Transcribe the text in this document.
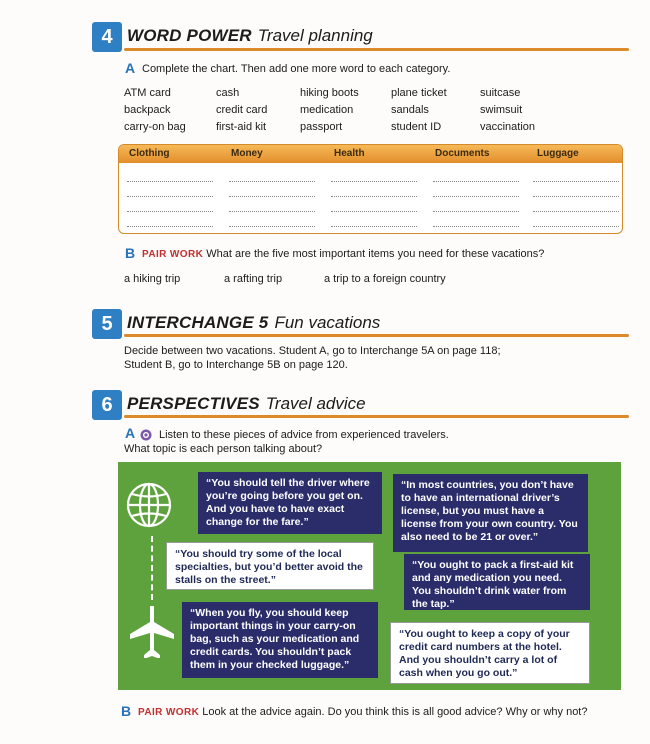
4 WORD POWER Travel planning
A Complete the chart. Then add one more word to each category.
ATM card	cash	hiking boots	plane ticket	suitcase
backpack	credit card	medication	sandals	swimsuit
carry-on bag	first-aid kit	passport	student ID	vaccination
Clothing	Money	Health	Documents	Luggage
B PAIR WORK What are the five most important items you need for these vacations?
a hiking trip	a rafting trip	a trip to a foreign country
5 INTERCHANGE 5 Fun vacations
Decide between two vacations. Student A, go to Interchange 5A on page 118;
Student B, go to Interchange 5B on page 120.
6 PERSPECTIVES Travel advice
A Listen to these pieces of advice from experienced travelers.
What topic is each person talking about?
“You should tell the driver where you’re going before you get on. And you have to have exact change for the fare.”
“In most countries, you don’t have to have an international driver’s license, but you must have a license from your own country. You also need to be 21 or over.”
“You should try some of the local specialties, but you’d better avoid the stalls on the street.”
“You ought to pack a first-aid kit and any medication you need. You shouldn’t drink water from the tap.”
“When you fly, you should keep important things in your carry-on bag, such as your medication and credit cards. You shouldn’t pack them in your checked luggage.”
“You ought to keep a copy of your credit card numbers at the hotel. And you shouldn’t carry a lot of cash when you go out.”
B PAIR WORK Look at the advice again. Do you think this is all good advice? Why or why not?
